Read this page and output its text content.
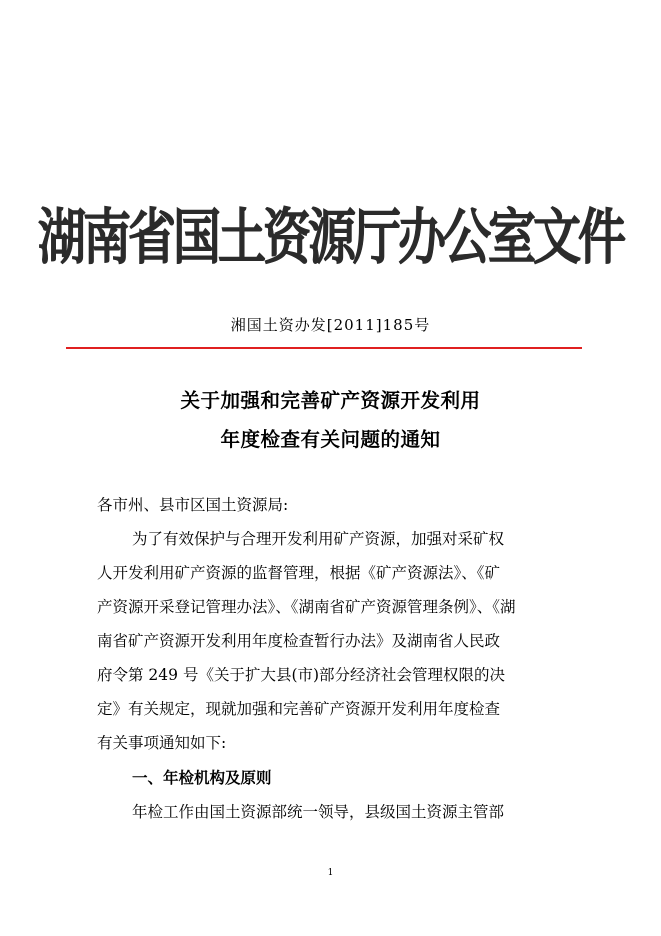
湖南省国土资源厅办公室文件
湘国土资办发[2011]185号
关于加强和完善矿产资源开发利用
年度检查有关问题的通知
各市州、县市区国土资源局:
为了有效保护与合理开发利用矿产资源，加强对采矿权
人开发利用矿产资源的监督管理，根据《矿产资源法》、《矿
产资源开采登记管理办法》、《湖南省矿产资源管理条例》、《湖
南省矿产资源开发利用年度检查暂行办法》及湖南省人民政
府令第 249 号《关于扩大县(市)部分经济社会管理权限的决
定》有关规定，现就加强和完善矿产资源开发利用年度检查
有关事项通知如下:
一、年检机构及原则
年检工作由国土资源部统一领导，县级国土资源主管部
1
